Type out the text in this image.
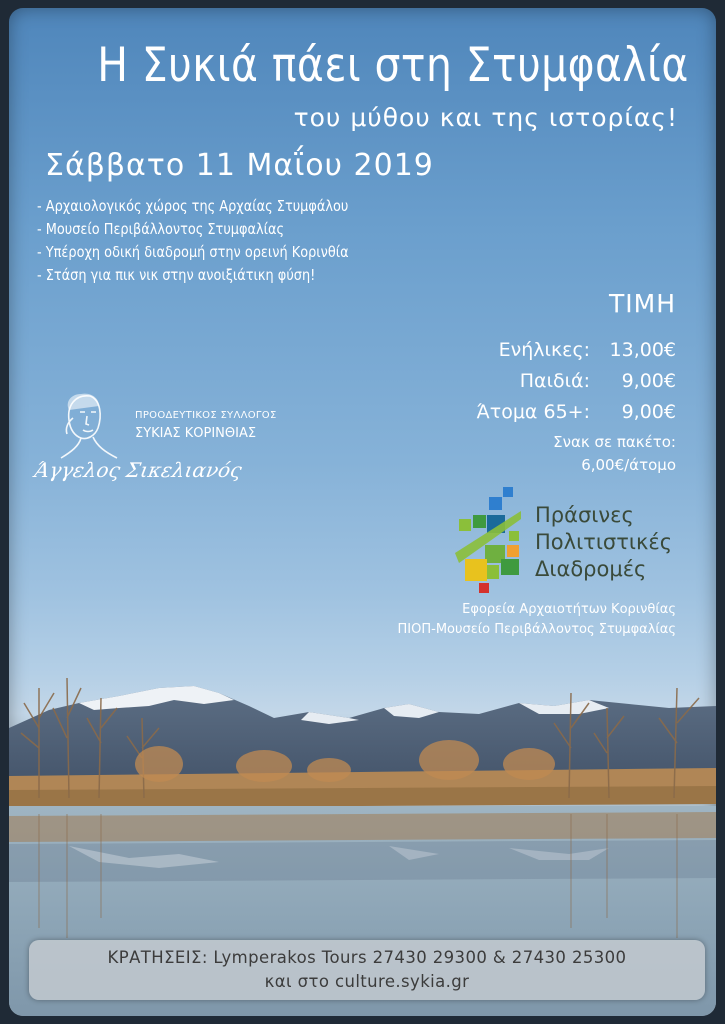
Η Συκιά πάει στη Στυμφαλία
του μύθου και της ιστορίας!
Σάββατο 11 Μαΐου 2019
- Αρχαιολογικός χώρος της Αρχαίας Στυμφάλου
- Μουσείο Περιβάλλοντος Στυμφαλίας
- Υπέροχη οδική διαδρομή στην ορεινή Κορινθία
- Στάση για πικ νικ στην ανοιξιάτικη φύση!
ΤΙΜΗ
Ενήλικες:	13,00€
Παιδιά:	9,00€
Άτομα 65+:	9,00€
Σνακ σε πακέτο:
6,00€/άτομο
ΠΡΟΟΔΕΥΤΙΚΟΣ ΣΥΛΛΟΓΟΣ
ΣΥΚΙΑΣ ΚΟΡΙΝΘΙΑΣ
Άγγελος Σικελιανός
Πράσινες
Πολιτιστικές
Διαδρομές
Εφορεία Αρχαιοτήτων Κορινθίας
ΠΙΟΠ-Μουσείο Περιβάλλοντος Στυμφαλίας
ΚΡΑΤΗΣΕΙΣ: Lymperakos Tours 27430 29300 & 27430 25300
και στο culture.sykia.gr
